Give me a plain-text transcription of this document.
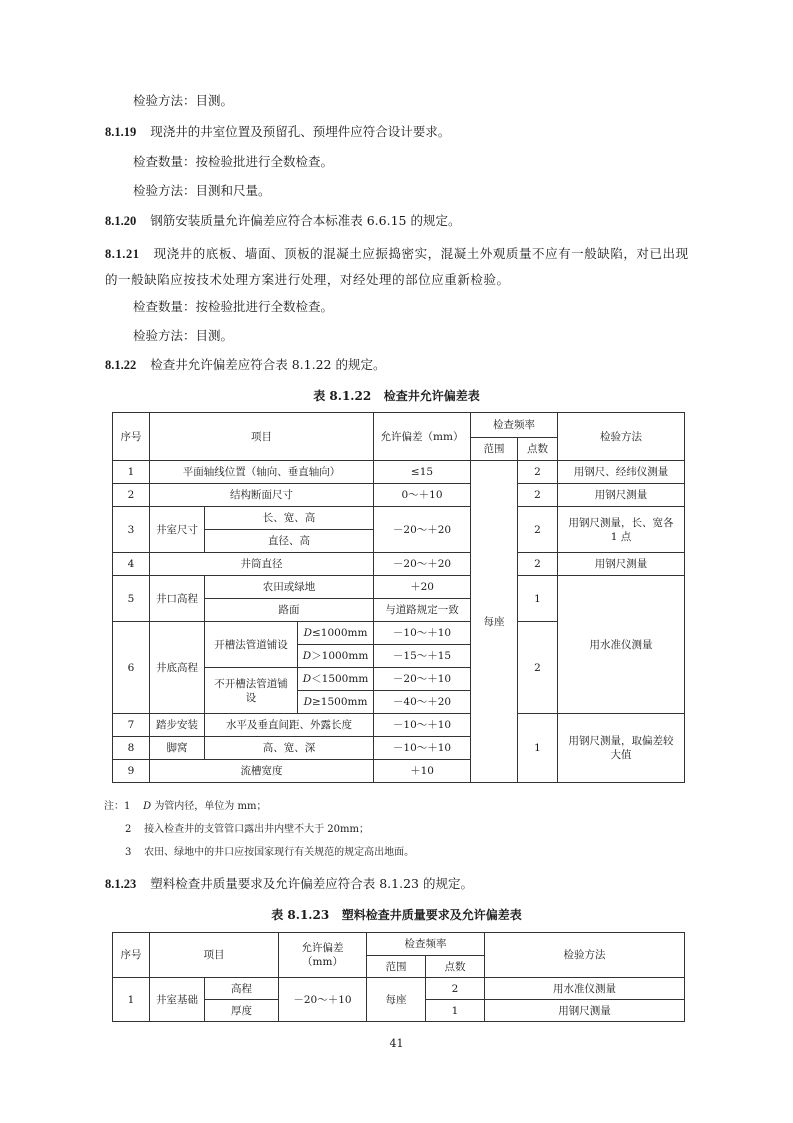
检验方法：目测。
8.1.19 现浇井的井室位置及预留孔、预埋件应符合设计要求。
检查数量：按检验批进行全数检查。
检验方法：目测和尺量。
8.1.20 钢筋安装质量允许偏差应符合本标准表 6.6.15 的规定。
8.1.21 现浇井的底板、墙面、顶板的混凝土应振捣密实，混凝土外观质量不应有一般缺陷，对已出现的一般缺陷应按技术处理方案进行处理，对经处理的部位应重新检验。
检查数量：按检验批进行全数检查。
检验方法：目测。
8.1.22 检查井允许偏差应符合表 8.1.22 的规定。
表 8.1.22 检查井允许偏差表
序号	项目			允许偏差（mm）	检查频率		检验方法
					范围	点数	
1	平面轴线位置（轴向、垂直轴向）			≤15	每座	2	用钢尺、经纬仪测量
2	结构断面尺寸			0～＋10		2	用钢尺测量
3	井室尺寸	长、宽、高		－20～＋20		2	用钢尺测量，长、宽各 1 点
		直径、高					
4	井筒直径			－20～＋20		2	用钢尺测量
5	井口高程	农田或绿地		＋20		1	用水准仪测量
		路面		与道路规定一致			
6	井底高程	开槽法管道铺设	D≤1000mm	－10～＋10		2	
			D＞1000mm	－15～＋15			
		不开槽法管道铺设	D＜1500mm	－20～＋10			
			D≥1500mm	－40～＋20			
7	踏步安装	水平及垂直间距、外露长度		－10～＋10		1	用钢尺测量，取偏差较大值
8	脚窝	高、宽、深		－10～＋10			
9	流槽宽度			＋10			
注：1 D 为管内径，单位为 mm；
2 接入检查井的支管管口露出井内壁不大于 20mm；
3 农田、绿地中的井口应按国家现行有关规范的规定高出地面。
8.1.23 塑料检查井质量要求及允许偏差应符合表 8.1.23 的规定。
表 8.1.23 塑料检查井质量要求及允许偏差表
序号	项目		允许偏差（mm）	检查频率		检验方法
				范围	点数	
1	井室基础	高程	－20～＋10	每座	2	用水准仪测量
		厚度			1	用钢尺测量
41
